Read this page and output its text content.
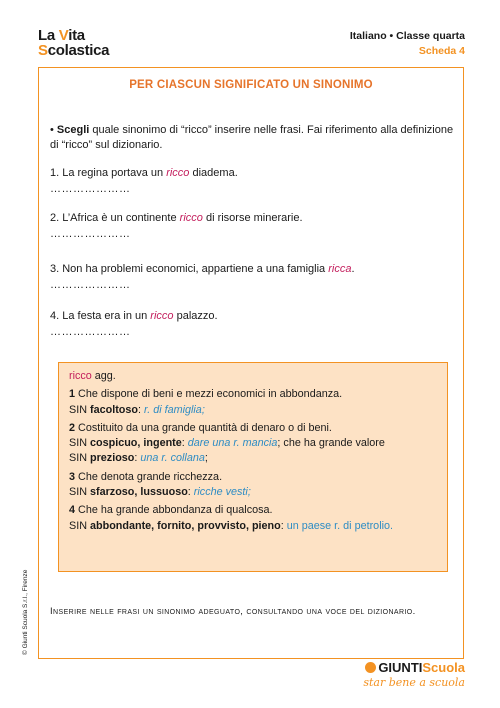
La Vita
Scolastica
Italiano • Classe quarta
Scheda 4
PER CIASCUN SIGNIFICATO UN SINONIMO
• Scegli quale sinonimo di “ricco” inserire nelle frasi. Fai riferimento alla definizione di “ricco” sul dizionario.
1. La regina portava un ricco diadema.
…………………
2. L’Africa è un continente ricco di risorse minerarie.
…………………
3. Non ha problemi economici, appartiene a una famiglia ricca.
…………………
4. La festa era in un ricco palazzo.
…………………

ricco agg.

1 Che dispone di beni e mezzi economici in abbondanza.
SIN facoltoso: r. di famiglia;

2 Costituito da una grande quantità di denaro o di beni.
SIN cospicuo, ingente: dare una r. mancia; che ha grande valore
SIN prezioso: una r. collana;

3 Che denota grande ricchezza.
SIN sfarzoso, lussuoso: ricche vesti;

4 Che ha grande abbondanza di qualcosa.
SIN abbondante, fornito, provvisto, pieno: un paese r. di petrolio.

Inserire nelle frasi un sinonimo adeguato, consultando una voce del dizionario.
© Giunti Scuola S.r.l., Firenze
GIUNTIScuola
star bene a scuola
